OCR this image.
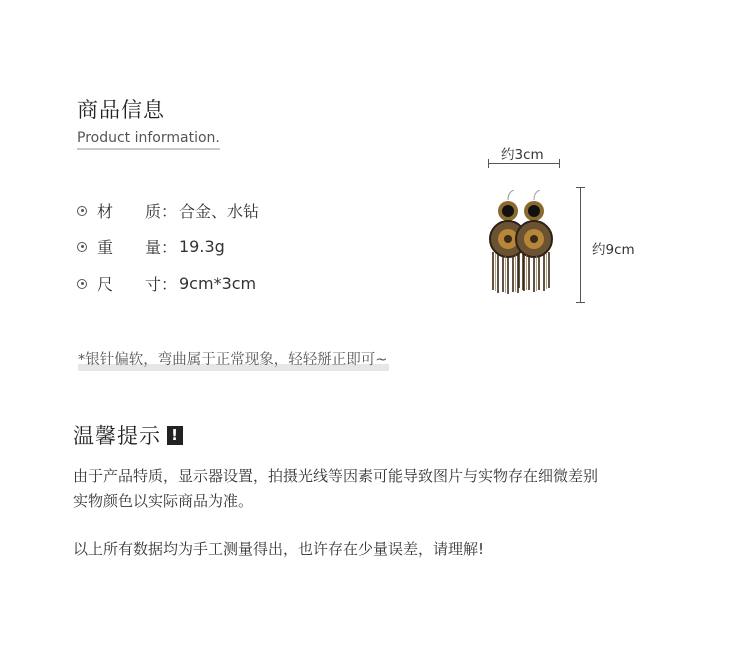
商品信息
Product information.
材　　质： 合金、水钻
重　　量： 19.3g
尺　　寸： 9cm*3cm
约3cm
约9cm
*银针偏软，弯曲属于正常现象，轻轻掰正即可~
温馨提示 !
由于产品特质，显示器设置，拍摄光线等因素可能导致图片与实物存在细微差别
实物颜色以实际商品为准。
以上所有数据均为手工测量得出，也许存在少量误差，请理解!
